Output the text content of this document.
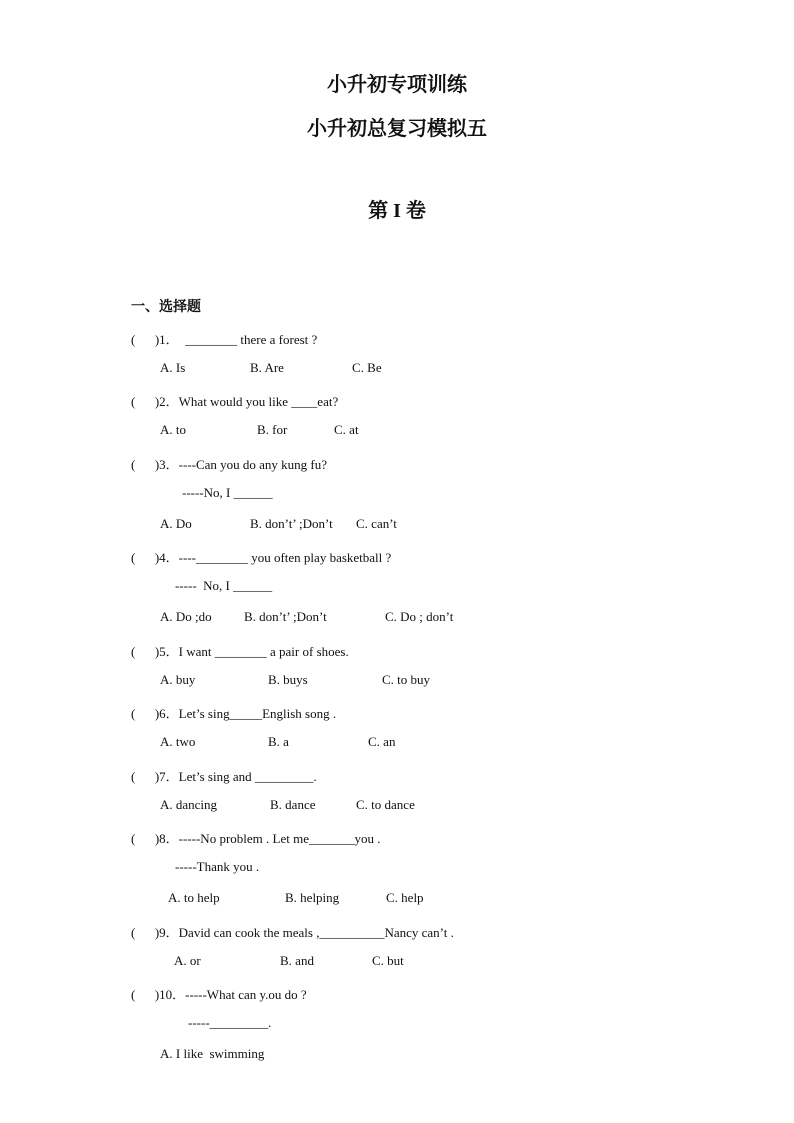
小升初专项训练
小升初总复习模拟五
第 I 卷
一、选择题
(      )1．  ________ there a forest ?
A. Is	B. Are	C. Be
(      )2．What would you like ____eat?
A. to	B. for	C. at
(      )3．----Can you do any kung fu?
-----No, I ______
A. Do	B. don’t’ ;Don’t C. can’t
(      )4．----________ you often play basketball ?
-----  No, I ______
A. Do ;do B. don’t’ ;Don’t	C. Do ; don’t
(      )5．I want ________ a pair of shoes.
A. buy	B. buys	C. to buy
(      )6．Let’s sing_____English song .
A. two	B. a	C. an
(      )7．Let’s sing and _________.
A. dancing	B. dance	C. to dance
(      )8．-----No problem . Let me_______you .
-----Thank you .
A. to help	B. helping	C. help
(      )9．David can cook the meals ,__________Nancy can’t .
A. or	B. and	C. but
(      )10．-----What can y.ou do ?
-----_________.
A. I like  swimming
